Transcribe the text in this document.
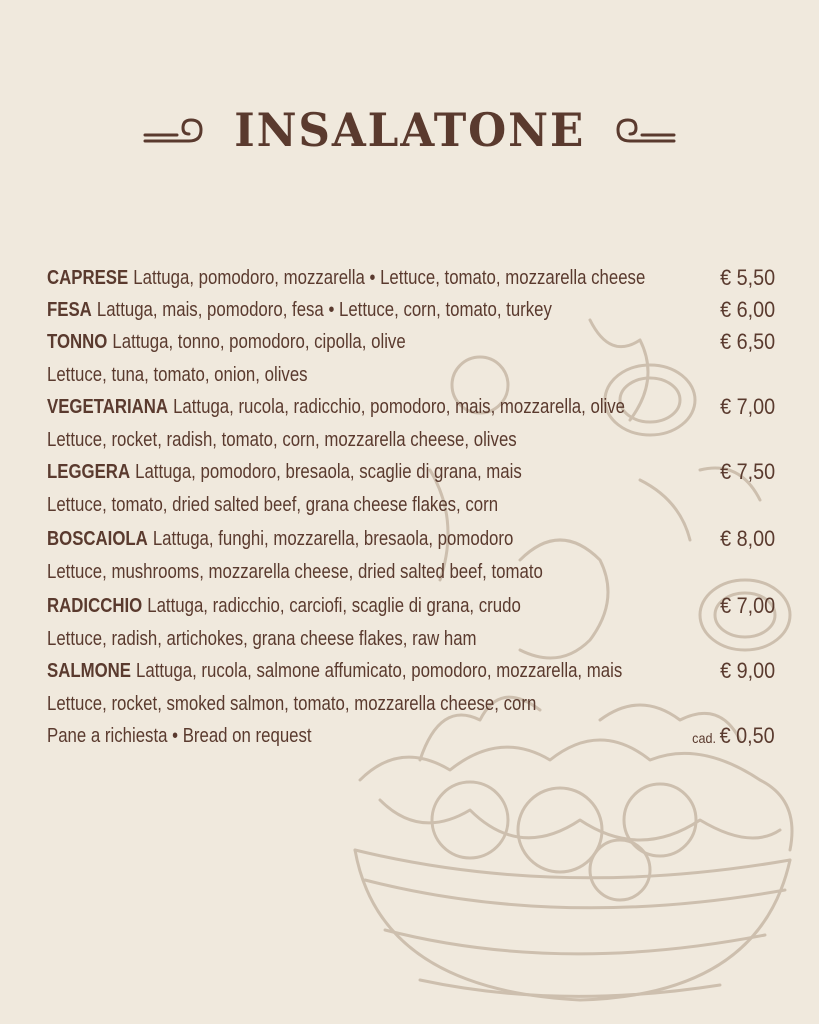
INSALATONE
CAPRESE Lattuga, pomodoro, mozzarella • Lettuce, tomato, mozzarella cheese	€ 5,50
FESA Lattuga, mais, pomodoro, fesa • Lettuce, corn, tomato, turkey	€ 6,00
TONNO Lattuga, tonno, pomodoro, cipolla, olive	€ 6,50
Lettuce, tuna, tomato, onion, olives
VEGETARIANA Lattuga, rucola, radicchio, pomodoro, mais, mozzarella, olive	€ 7,00
Lettuce, rocket, radish, tomato, corn, mozzarella cheese, olives
LEGGERA Lattuga, pomodoro, bresaola, scaglie di grana, mais	€ 7,50
Lettuce, tomato, dried salted beef, grana cheese flakes, corn
BOSCAIOLA Lattuga, funghi, mozzarella, bresaola, pomodoro	€ 8,00
Lettuce, mushrooms, mozzarella cheese, dried salted beef, tomato
RADICCHIO Lattuga, radicchio, carciofi, scaglie di grana, crudo	€ 7,00
Lettuce, radish, artichokes, grana cheese flakes, raw ham
SALMONE Lattuga, rucola, salmone affumicato, pomodoro, mozzarella, mais	€ 9,00
Lettuce, rocket, smoked salmon, tomato, mozzarella cheese, corn
Pane a richiesta • Bread on request	cad. € 0,50
